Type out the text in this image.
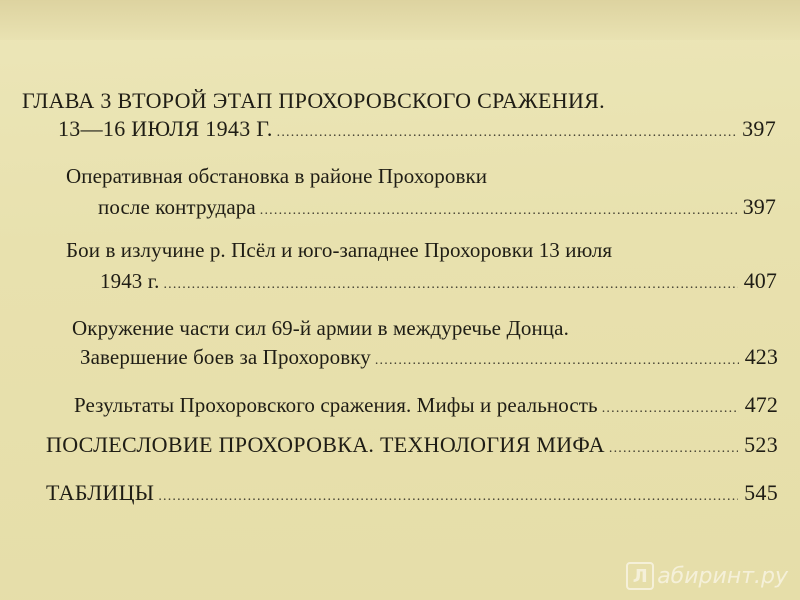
ГЛАВА 3 ВТОРОЙ ЭТАП ПРОХОРОВСКОГО СРАЖЕНИЯ.
13—16 ИЮЛЯ 1943 Г. .....	397
Оперативная обстановка в районе Прохоровки
после контрудара .....	397
Бои в излучине р. Псёл и юго-западнее Прохоровки 13 июля
1943 г. .....	407
Окружение части сил 69-й армии в междуречье Донца.
Завершение боев за Прохоровку .....	423
Результаты Прохоровского сражения. Мифы и реальность .....	472
ПОСЛЕСЛОВИЕ ПРОХОРОВКА. ТЕХНОЛОГИЯ МИФА .....	523
ТАБЛИЦЫ .....	545
Л абиринт.ру
